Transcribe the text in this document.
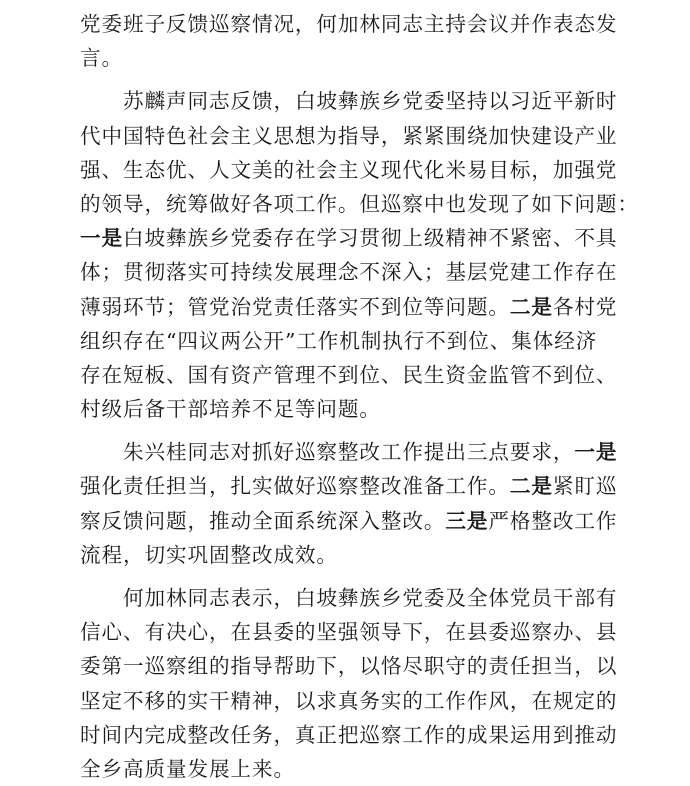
党委班子反馈巡察情况，何加林同志主持会议并作表态发
言。
苏麟声同志反馈，白坡彝族乡党委坚持以习近平新时
代中国特色社会主义思想为指导，紧紧围绕加快建设产业
强、生态优、人文美的社会主义现代化米易目标，加强党
的领导，统筹做好各项工作。但巡察中也发现了如下问题：
一是白坡彝族乡党委存在学习贯彻上级精神不紧密、不具
体；贯彻落实可持续发展理念不深入；基层党建工作存在
薄弱环节；管党治党责任落实不到位等问题。二是各村党
组织存在“四议两公开”工作机制执行不到位、集体经济
存在短板、国有资产管理不到位、民生资金监管不到位、
村级后备干部培养不足等问题。
朱兴桂同志对抓好巡察整改工作提出三点要求，一是
强化责任担当，扎实做好巡察整改准备工作。二是紧盯巡
察反馈问题，推动全面系统深入整改。三是严格整改工作
流程，切实巩固整改成效。
何加林同志表示，白坡彝族乡党委及全体党员干部有
信心、有决心，在县委的坚强领导下，在县委巡察办、县
委第一巡察组的指导帮助下，以恪尽职守的责任担当，以
坚定不移的实干精神，以求真务实的工作作风，在规定的
时间内完成整改任务，真正把巡察工作的成果运用到推动
全乡高质量发展上来。
